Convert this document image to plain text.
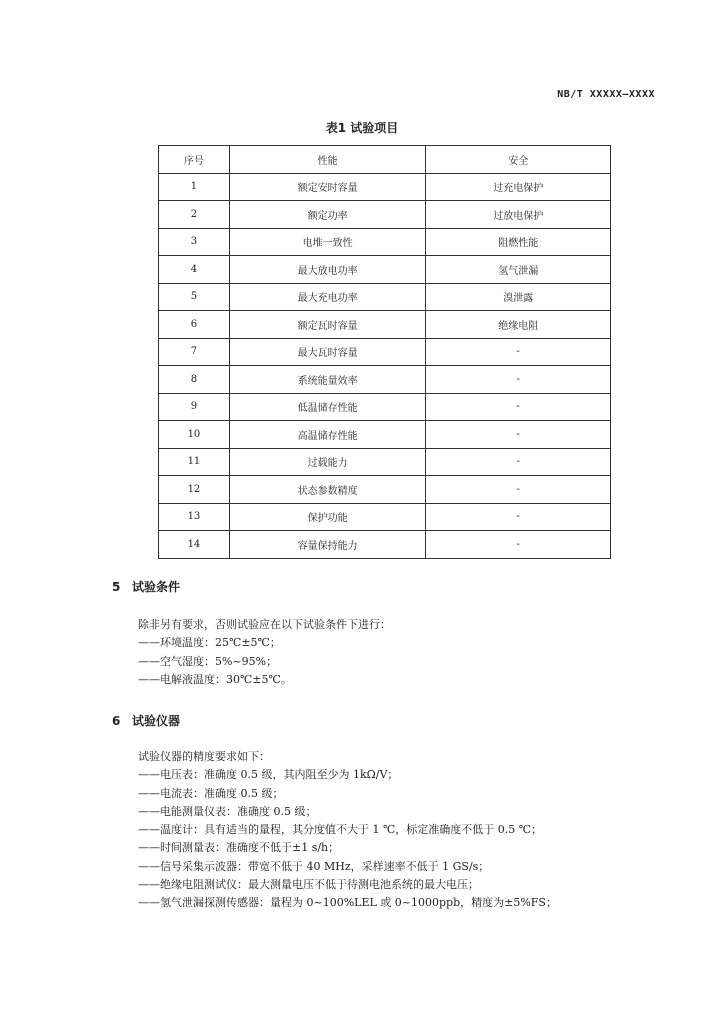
NB/T XXXXX—XXXX
表1 试验项目
序号	性能	安全
1	额定安时容量	过充电保护
2	额定功率	过放电保护
3	电堆一致性	阻燃性能
4	最大放电功率	氢气泄漏
5	最大充电功率	溴泄露
6	额定瓦时容量	绝缘电阻
7	最大瓦时容量	-
8	系统能量效率	-
9	低温储存性能	-
10	高温储存性能	-
11	过载能力	-
12	状态参数精度	-
13	保护功能	-
14	容量保持能力	-
5 试验条件
除非另有要求，否则试验应在以下试验条件下进行：
——环境温度：25℃±5℃；
——空气湿度：5%~95%；
——电解液温度：30℃±5℃。
6 试验仪器
试验仪器的精度要求如下：
——电压表：准确度 0.5 级，其内阻至少为 1kΩ/V；
——电流表：准确度 0.5 级；
——电能测量仪表：准确度 0.5 级；
——温度计：具有适当的量程，其分度值不大于 1 ℃，标定准确度不低于 0.5 ℃；
——时间测量表：准确度不低于±1 s/h；
——信号采集示波器：带宽不低于 40 MHz，采样速率不低于 1 GS/s；
——绝缘电阻测试仪：最大测量电压不低于待测电池系统的最大电压；
——氢气泄漏探测传感器：量程为 0~100%LEL 或 0~1000ppb，精度为±5%FS；
